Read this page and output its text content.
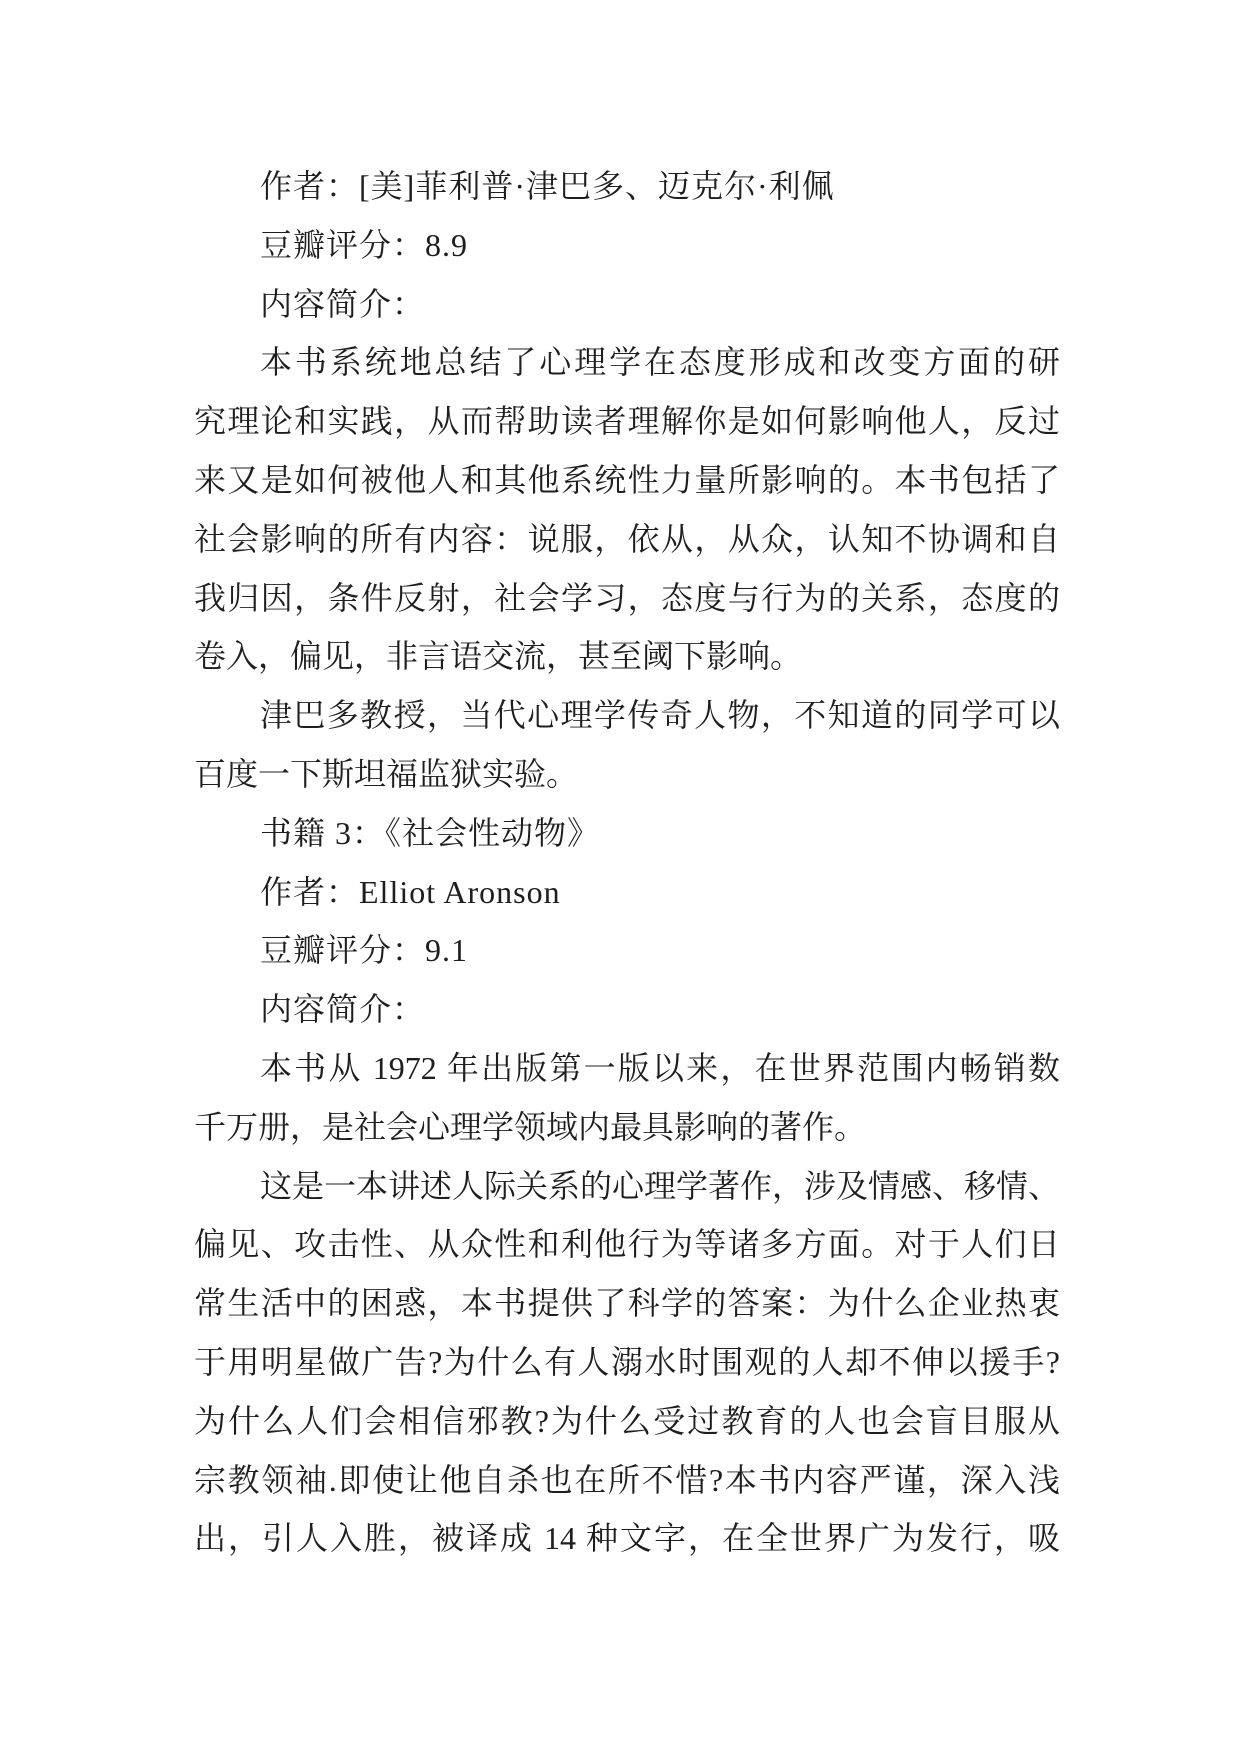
作者：[美]菲利普·津巴多、迈克尔·利佩
豆瓣评分：8.9
内容简介：
本书系统地总结了心理学在态度形成和改变方面的研
究理论和实践，从而帮助读者理解你是如何影响他人，反过
来又是如何被他人和其他系统性力量所影响的。本书包括了
社会影响的所有内容：说服，依从，从众，认知不协调和自
我归因，条件反射，社会学习，态度与行为的关系，态度的
卷入，偏见，非言语交流，甚至阈下影响。
津巴多教授，当代心理学传奇人物，不知道的同学可以
百度一下斯坦福监狱实验。
书籍 3：《社会性动物》
作者：Elliot Aronson
豆瓣评分：9.1
内容简介：
本书从 1972 年出版第一版以来，在世界范围内畅销数
千万册，是社会心理学领域内最具影响的著作。
这是一本讲述人际关系的心理学著作，涉及情感、移情、
偏见、攻击性、从众性和利他行为等诸多方面。对于人们日
常生活中的困惑，本书提供了科学的答案：为什么企业热衷
于用明星做广告?为什么有人溺水时围观的人却不伸以援手?
为什么人们会相信邪教?为什么受过教育的人也会盲目服从
宗教领袖.即使让他自杀也在所不惜?本书内容严谨，深入浅
出，引人入胜，被译成 14 种文字，在全世界广为发行，吸
